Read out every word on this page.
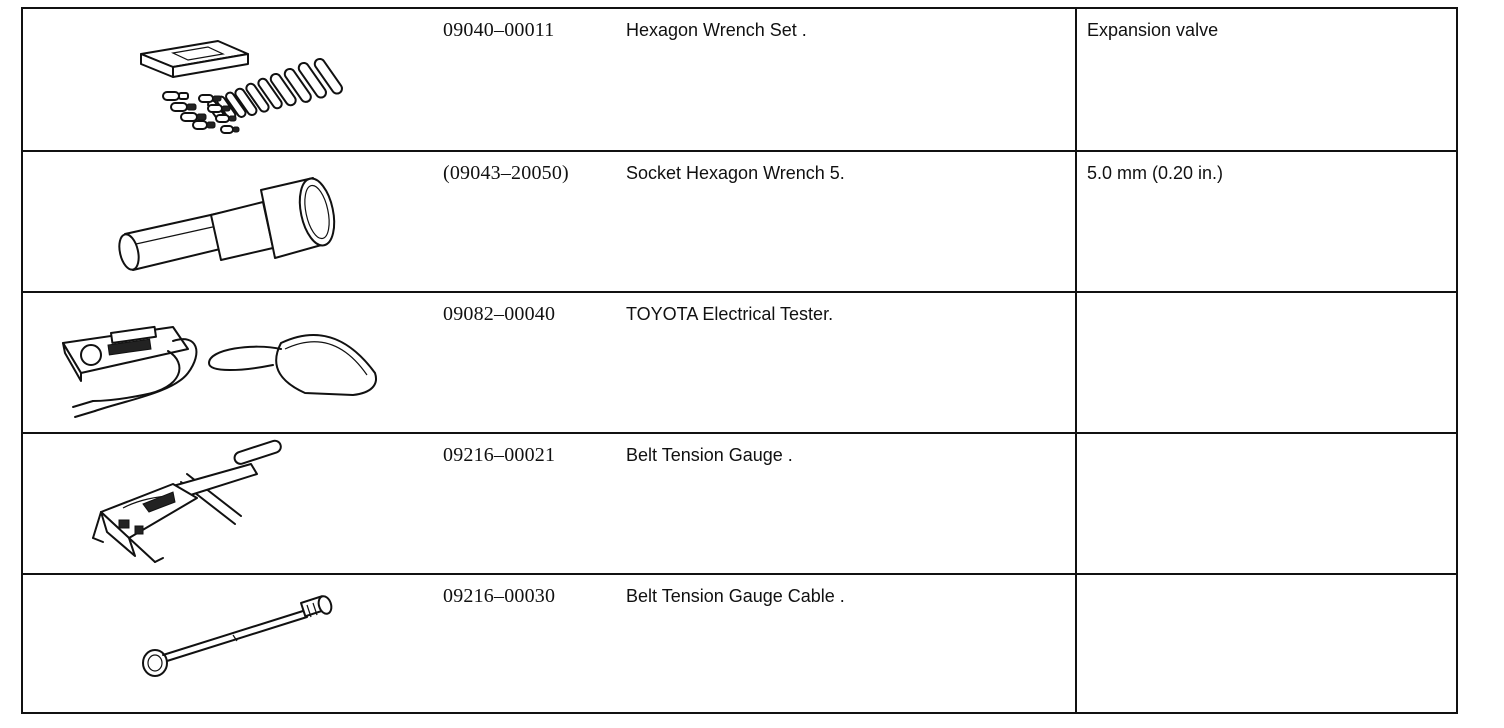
09040–00011	Hexagon Wrench Set .	Expansion valve
(09043–20050)	Socket Hexagon Wrench 5.	5.0 mm (0.20 in.)
09082–00040	TOYOTA Electrical Tester.
09216–00021	Belt Tension Gauge .
09216–00030	Belt Tension Gauge Cable .
